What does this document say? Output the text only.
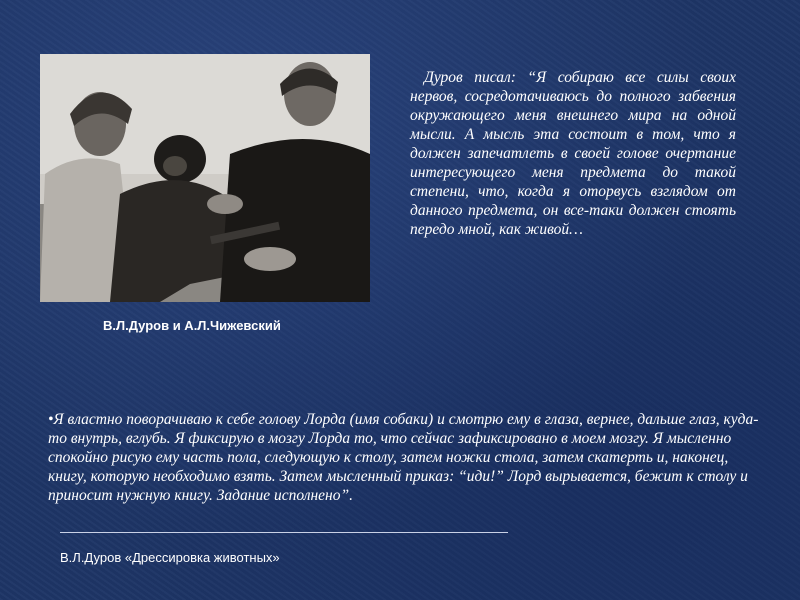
В.Л.Дуров и А.Л.Чижевский
Дуров писал: “Я собираю все силы своих нервов, сосредотачиваюсь до полного забвения окружающего меня внешнего мира на одной мысли. А мысль эта состоит в том, что я должен запечатлеть в своей голове очертание интересующего меня предмета до такой степени, что, когда я оторвусь взглядом от данного предмета, он все-таки должен стоять передо мной, как живой…
•Я властно поворачиваю к себе голову Лорда (имя собаки) и смотрю ему в глаза, вернее, дальше глаз, куда-то внутрь, вглубь. Я фиксирую в мозгу Лорда то, что сейчас зафиксировано в моем мозгу. Я мысленно спокойно рисую ему часть пола, следующую к столу, затем ножки стола, затем скатерть и, наконец, книгу, которую необходимо взять. Затем мысленный приказ: “иди!” Лорд вырывается, бежит к столу и приносит нужную книгу. Задание исполнено”.
В.Л.Дуров «Дрессировка животных»
